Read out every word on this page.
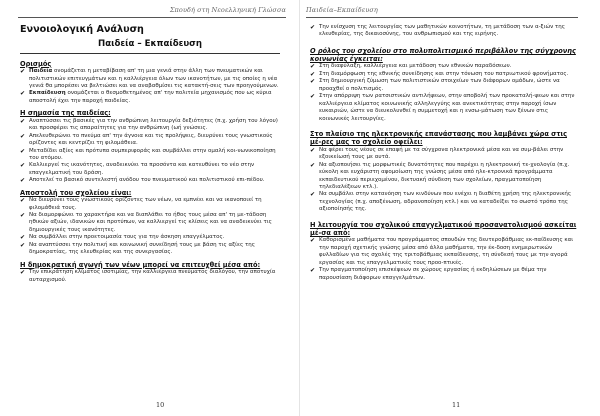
Σπουδή στη Νεοελληνική Γλώσσα
Εννοιολογική Ανάλυση
Παιδεία – Εκπαίδευση
Ορισμός
✔ Παιδεία ονομάζεται η μεταβίβαση απ' τη μια γενιά στην άλλη των πνευματικών και πολιτιστικών επιτευγμάτων και η καλλιέργεια όλων των ικανοτήτων, με τις οποίες η νέα γενιά θα μπορέσει να βελτιώσει και να αναβαθμίσει τις κατακτή-σεις των προηγούμενων.
✔ Εκπαίδευση ονομάζεται ο θεσμοθετημένος απ' την πολιτεία μηχανισμός που ως κύρια αποστολή έχει την παροχή παιδείας.
Η σημασία της παιδείας:
✔ Αναπτύσσει τις βασικές για την ανθρώπινη λειτουργία δεξιότητες (π.χ. χρήση του λόγου) και προσφέρει τις απαραίτητες για την ανθρώπινη (ωή γνώσεις.
✔ Απελευθερώνει το πνεύμα απ' την άγνοια και τις προλήψεις, διευρύνει τους γνωστικούς ορίζοντες και κεντρίζει τη φιλομάθεια.
✔ Μεταδίδει αξίες και πρότυπα συμπεριφοράς και συμβάλλει στην ομαλή κοι-νωνικοποίηση του ατόμου.
✔ Καλλιεργεί τις ικανότητες, αναδεικνύει τα προσόντα και κατευθύνει το νέο στην επαγγελματική του δράση.
✔ Αποτελεί το βασικό συντελεστή ανόδου του πνευματικού και πολιτιστικού επι-πέδου.
Αποστολή του σχολείου είναι:
✔ Να διευρύνει τους γνωστικούς ορίζοντες των νέων, να εμπνέει και να ικανοποιεί τη φιλομάθειά τους.
✔ Να διαμορφώνει το χαρακτήρα και να διαπλάθει το ήθος τους μέσα απ' τη με-τάδοση ηθικών αξιών, ιδανικών και προτύπων, να καλλιεργεί τις κλίσεις και να αναδεικνύει τις δημιουργικές τους ικανότητες.
✔ Να συμβάλλει στην προετοιμασία τους για την άσκηση επαγγέλματος.
✔ Να αναπτύσσει την πολιτική και κοινωνική συνείδησή τους με βάση τις αξίες της δημοκρατίας, της ελευθερίας και της συνεργασίας.
Η δημοκρατική αγωγή των νέων μπορεί να επιτευχθεί μέσα από:
✔ Την επικράτηση κλίματος ισοτιμίας, την καλλιέργεια πνεύματος διαλόγου, την αποτυχία αυταρχισμού.
10
Παιδεία–Εκπαίδευση
✔ Την ενίσχυση της λειτουργίας των μαθητικών κοινοτήτων, τη μετάδοση των α-ξιών της ελευθερίας, της δικαιοσύνης, του ανθρωπισμού και της ειρήνης.
Ο ρόλος του σχολείου στο πολυπολιτισμικό περιβάλλον της σύγχρονης κοινωνίας έγκειται:
✔ Στη διαφύλαξη, καλλιέργεια και μετάδοση των εθνικών παραδόσεων.
✔ Στη διαμόρφωση της εθνικής συνείδησης και στην τόνωση του πατριωτικού φρονήματος.
✔ Στη δημιουργική ζύμωση των πολιτιστικών στοιχείων των διάφορων ομάδων, ώστε να προαχθεί ο πολιτισμός.
✔ Στην απόρριψη των ρατσιστικών αντιλήψεων, στην αποβολή των προκαταλή-ψεων και στην καλλιέργεια κλίματος κοινωνικής αλληλεγγύης και ανεκτικότητας στην παροχή ίσων ευκαιριών, ώστε να διευκολυνθεί η συμμετοχή και η ενσω-μάτωση των ξένων στις κοινωνικές λειτουργίες.
Στο πλαίσιο της ηλεκτρονικής επανάστασης που λαμβάνει χώρα στις μέ-ρες μας το σχολείο οφείλει:
✔ Να φέρει τους νέους σε επαφή με τα σύγχρονα ηλεκτρονικά μέσα και να συμ-βάλει στην εξοικείωσή τους με αυτά.
✔ Να αξιοποιήσει τις μορφωτικές δυνατότητες που παρέχει η ηλεκτρονική τε-χνολογία (π.χ. εύκολη και ευχάριστη αφομοίωση της γνώσης μέσα από ηλε-κτρονικά προγράμματα εκπαιδευτικού περιεχομένου, δικτυακή σύνδεση των σχολείων, πραγματοποίηση τηλεδιαλέξεων κτλ.).
✔ Να συμβάλει στην κατανόηση των κινδύνων που ενέχει η διαθέτη χρήση της ηλεκτρονικής τεχνολογίας (π.χ. αποξένωση, αδρανοποίηση κτλ.) και να καταδείξει το σωστό τρόπο της αξιοποίησής της.
Η λειτουργία του σχολικού επαγγελματικού προσανατολισμού ασκείται μέ-σα από:
✔ Καθορισμένα μαθήματα του προγράμματος σπουδών της δευτεροβάθμιας εκ-παίδευσης και την παροχή σχετικής γνώσης μέσα από άλλα μαθήματα, την έκ-δοση ενημερωτικών φυλλαδίων για τις σχολές της τριτοβάθμιας εκπαίδευσης, τη σύνδεσή τους με την αγορά εργασίας και τις επαγγελματικές τους προο-πτικές.
✔ Την πραγματοποίηση επισκέψεων σε χώρους εργασίας ή εκδηλώσεων με θέμα την παρουσίαση διάφορων επαγγελμάτων.
11
